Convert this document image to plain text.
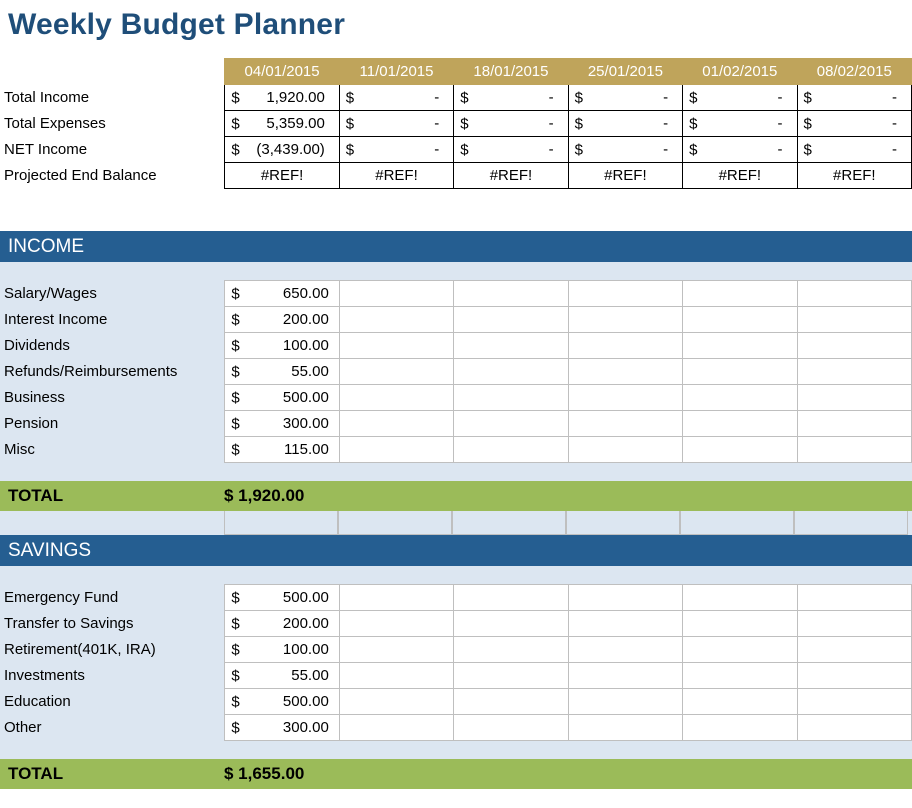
Weekly Budget Planner
	04/01/2015	11/01/2015	18/01/2015	25/01/2015	01/02/2015	08/02/2015
Total Income	$ 1,920.00	$ -	$ -	$ -	$ -	$ -

Total Expenses	$ 5,359.00	$ -	$ -	$ -	$ -	$ -

NET Income	$ (3,439.00)	$ -	$ -	$ -	$ -	$ -

Projected End Balance	#REF!	#REF!	#REF!	#REF!	#REF!	#REF!
INCOME
Salary/Wages	$ 650.00					

Interest Income	$ 200.00					

Dividends	$ 100.00					

Refunds/Reimbursements	$ 55.00					

Business	$ 500.00					

Pension	$ 300.00					

Misc	$ 115.00					

TOTAL	$ 1,920.00
SAVINGS
Emergency Fund	$ 500.00					

Transfer to Savings	$ 200.00					

Retirement(401K, IRA)	$ 100.00					

Investments	$ 55.00					

Education	$ 500.00					

Other	$ 300.00					

TOTAL	$ 1,655.00
